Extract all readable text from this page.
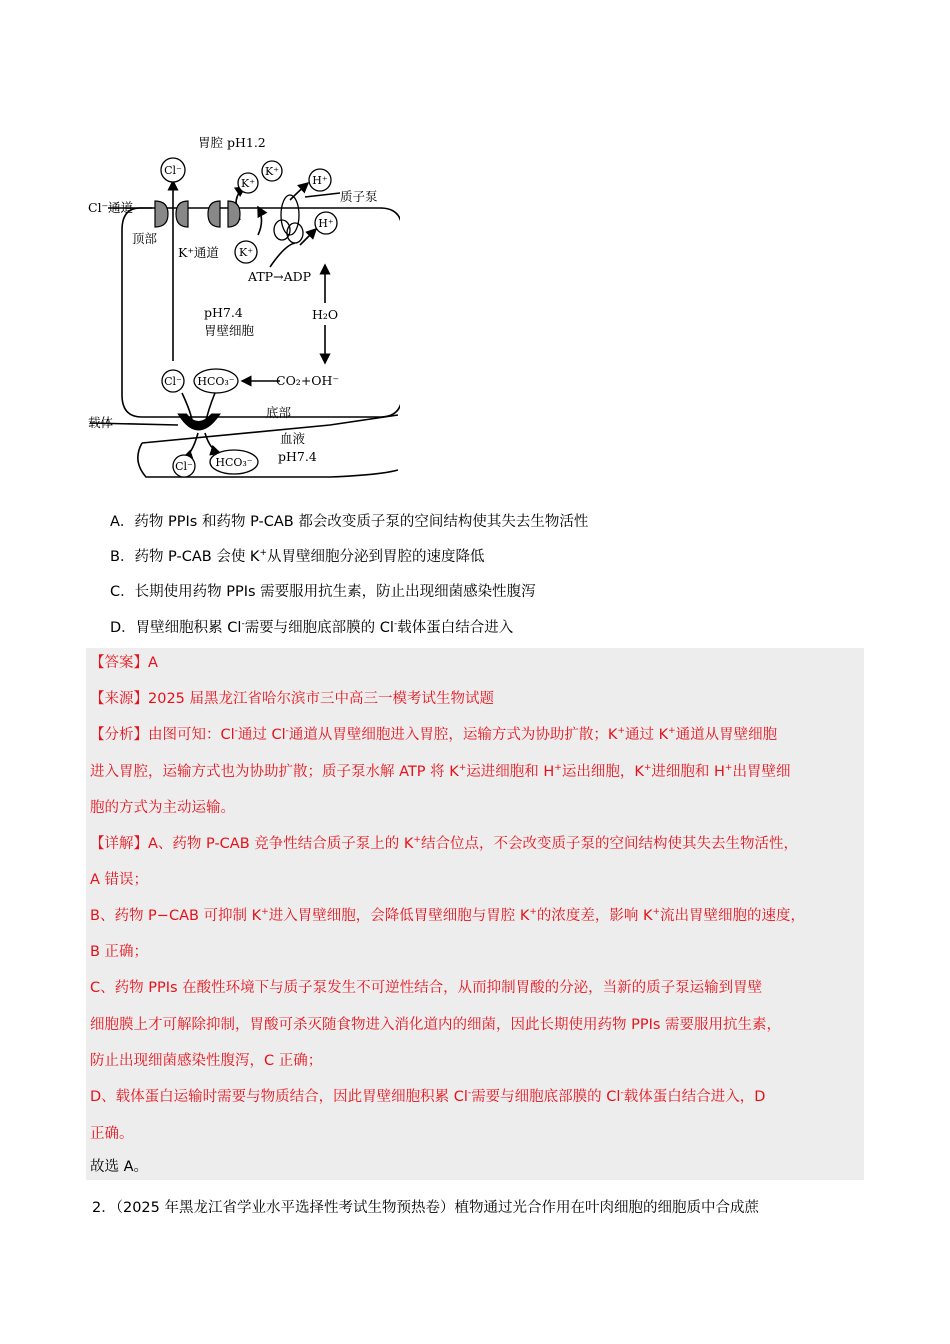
Cl⁻
K⁺
K⁺
H⁺
K⁺
H⁺
Cl⁻ HCO₃⁻
Cl⁻ HCO₃⁻
胃腔 pH1.2
Cl⁻通道
顶部
K⁺通道
质子泵
ATP→ADP
pH7.4
胃壁细胞
H₂O
CO₂+OH⁻
载体
底部
血液
pH7.4
A．药物 PPIs 和药物 P-CAB 都会改变质子泵的空间结构使其失去生物活性
B．药物 P-CAB 会使 K+从胃壁细胞分泌到胃腔的速度降低
C．长期使用药物 PPIs 需要服用抗生素，防止出现细菌感染性腹泻
D．胃壁细胞积累 Cl-需要与细胞底部膜的 Cl-载体蛋白结合进入
【答案】A
【来源】2025 届黑龙江省哈尔滨市三中高三一模考试生物试题
【分析】由图可知：Cl-通过 Cl-通道从胃壁细胞进入胃腔，运输方式为协助扩散；K+通过 K+通道从胃壁细胞
进入胃腔，运输方式也为协助扩散；质子泵水解 ATP 将 K+运进细胞和 H+运出细胞，K+进细胞和 H+出胃壁细
胞的方式为主动运输。
【详解】A、药物 P-CAB 竞争性结合质子泵上的 K+结合位点，不会改变质子泵的空间结构使其失去生物活性，
A 错误；
B、药物 P−CAB 可抑制 K+进入胃壁细胞，会降低胃壁细胞与胃腔 K+的浓度差，影响 K+流出胃壁细胞的速度，
B 正确；
C、药物 PPIs 在酸性环境下与质子泵发生不可逆性结合，从而抑制胃酸的分泌，当新的质子泵运输到胃壁
细胞膜上才可解除抑制，胃酸可杀灭随食物进入消化道内的细菌，因此长期使用药物 PPIs 需要服用抗生素，
防止出现细菌感染性腹泻，C 正确；
D、载体蛋白运输时需要与物质结合，因此胃壁细胞积累 Cl-需要与细胞底部膜的 Cl-载体蛋白结合进入，D
正确。
故选 A。
2．（2025 年黑龙江省学业水平选择性考试生物预热卷）植物通过光合作用在叶肉细胞的细胞质中合成蔗
